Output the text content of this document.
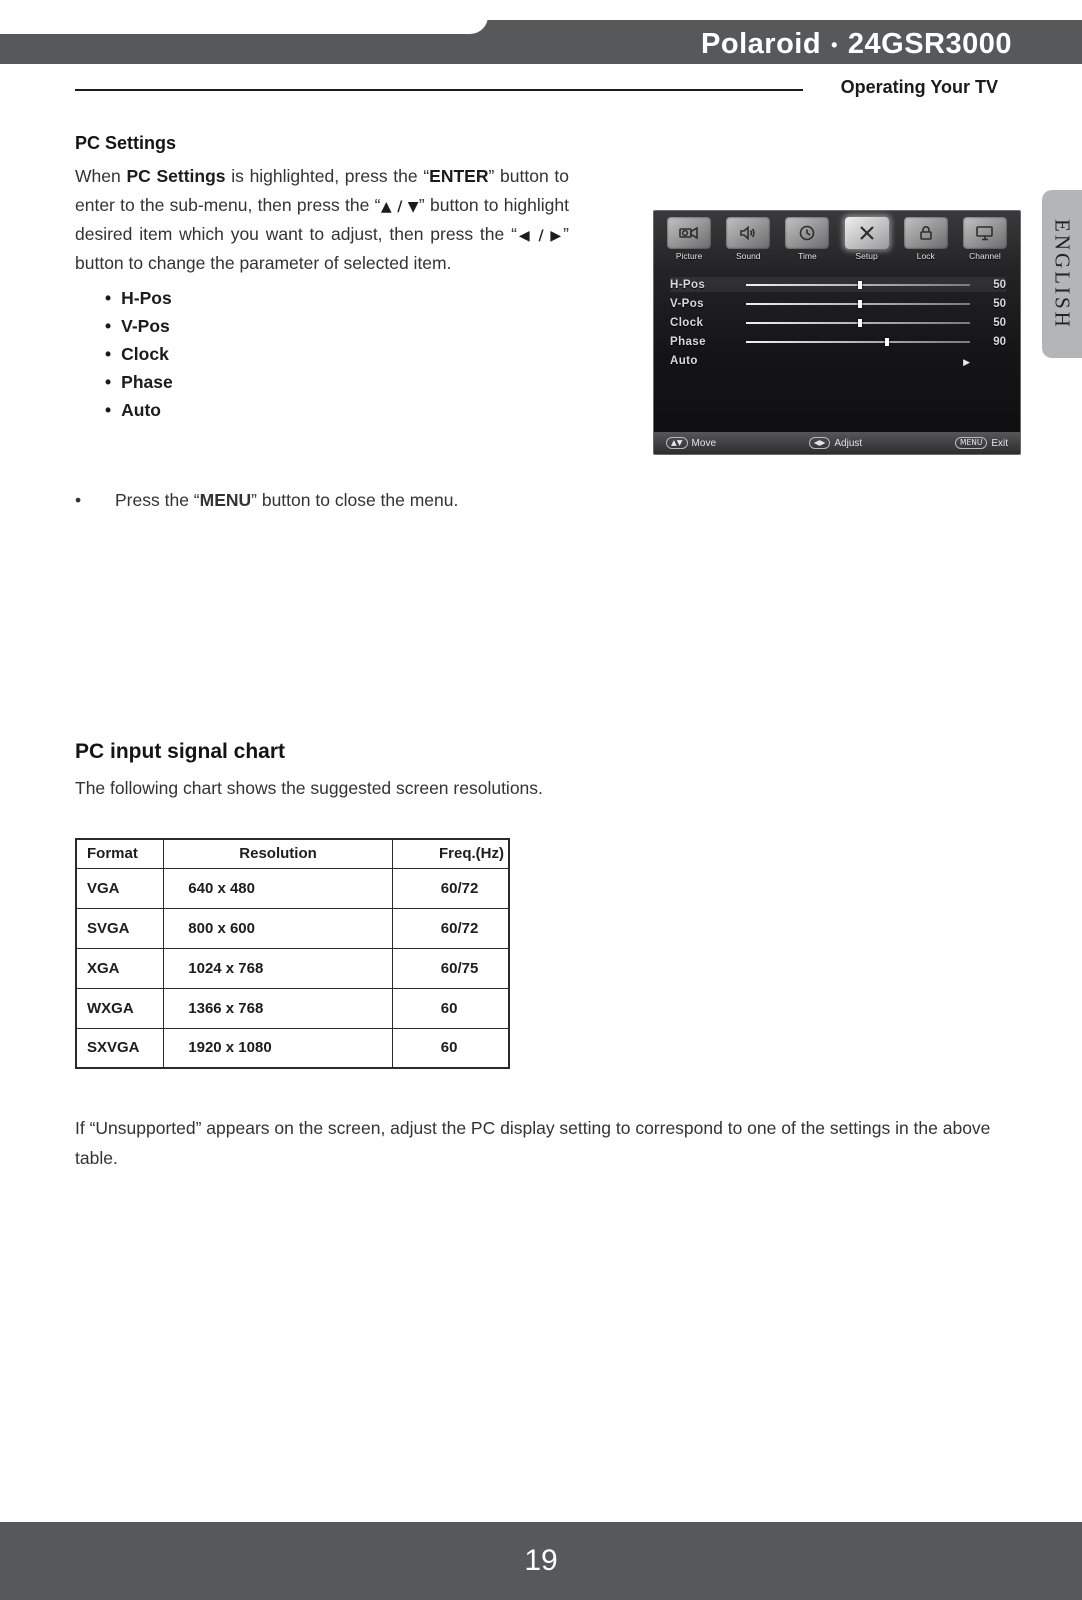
Polaroid • 24GSR3000
Operating Your TV
ENGLISH
PC Settings

When PC Settings is highlighted, press the “ENTER” button to enter to the sub-menu, then press the “▲ / ▼” button to highlight desired item which you want to adjust, then press the “◀ / ▶” button to change the parameter of selected item.

• H-Pos
• V-Pos
• Clock
• Phase
• Auto
•	Press the “MENU” button to close the menu.
Picture	Sound	Time	Setup	Lock	Channel
H-Pos	50
V-Pos	50
Clock	50
Phase	90
Auto	▶
▲▼ Move	◀▶ Adjust	MENU Exit
PC input signal chart
The following chart shows the suggested screen resolutions.
Format	Resolution	Freq.(Hz)
VGA	640 x 480	60/72
SVGA	800 x 600	60/72
XGA	1024 x 768	60/75
WXGA	1366 x 768	60
SXVGA	1920 x 1080	60
If “Unsupported” appears on the screen, adjust the PC display setting to correspond to one of the settings in the above table.
19
